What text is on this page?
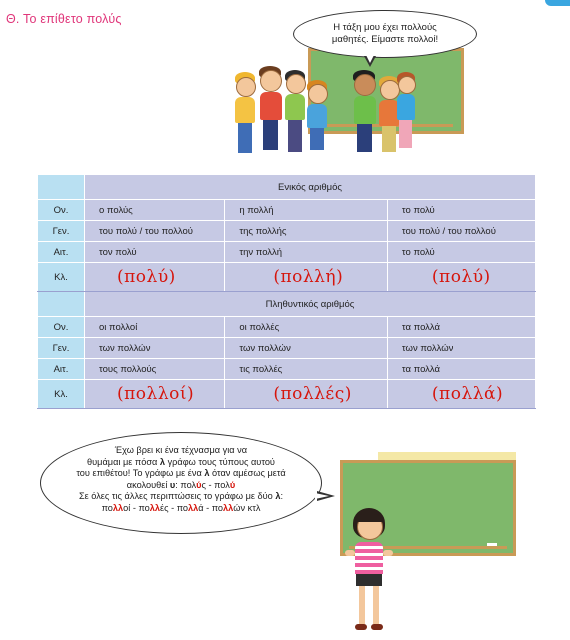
Θ. Το επίθετο πολύς
Η τάξη μου έχει πολλούς
μαθητές. Είμαστε πολλοί!
	Ενικός αριθμός		
Ον.	ο πολύς	η πολλή	το πολύ
Γεν.	του πολύ / του πολλού	της πολλής	του πολύ / του πολλού
Αιτ.	τον πολύ	την πολλή	το πολύ
Κλ.	(πολύ)	(πολλή)	(πολύ)
	Πληθυντικός αριθμός		
Ον.	οι πολλοί	οι πολλές	τα πολλά
Γεν.	των πολλών	των πολλών	των πολλών
Αιτ.	τους πολλούς	τις πολλές	τα πολλά
Κλ.	(πολλοί)	(πολλές)	(πολλά)
Έχω βρει κι ένα τέχνασμα για να
θυμάμαι με πόσα λ γράφω τους τύπους αυτού
του επιθέτου! Το γράφω με ένα λ όταν αμέσως μετά
ακολουθεί υ: πολύς - πολύ
Σε όλες τις άλλες περιπτώσεις το γράφω με δύο λ:
πολλοί - πολλές - πολλά - πολλών κτλ
